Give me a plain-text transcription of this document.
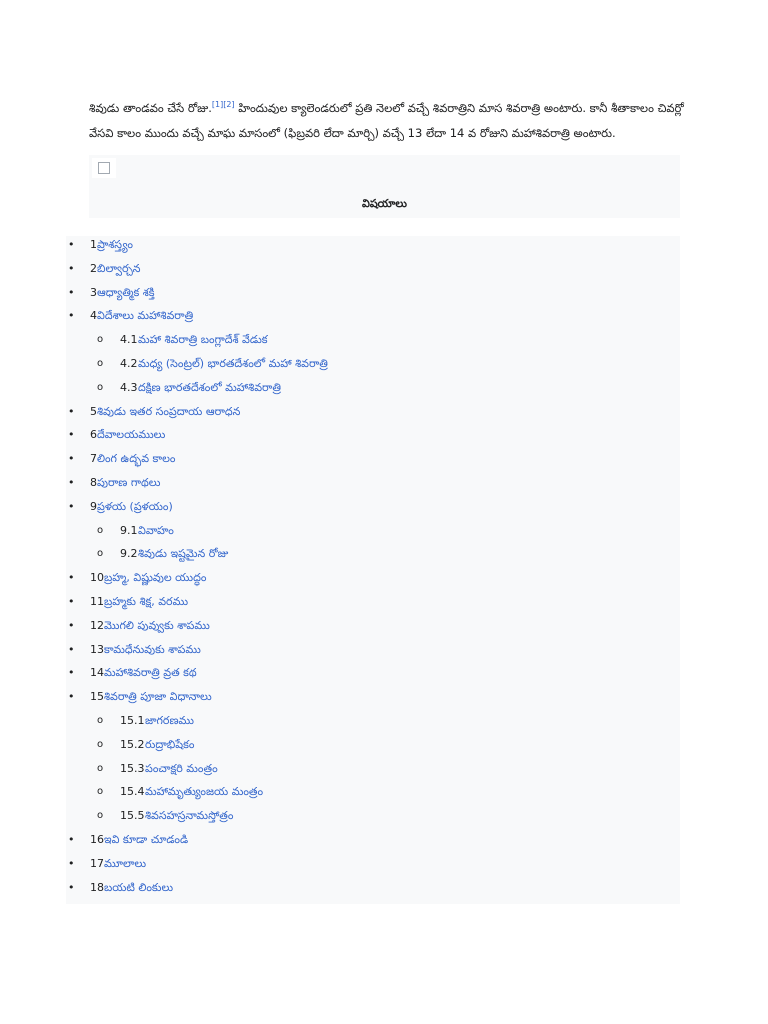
శివుడు తాండవం చేసే రోజు.[1][2] హిందువుల క్యాలెండరులో ప్రతి నెలలో వచ్చే శివరాత్రిని మాస శివరాత్రి అంటారు. కానీ శీతాకాలం చివర్లో వేసవి కాలం ముందు వచ్చే మాఘ మాసంలో (ఫిబ్రవరి లేదా మార్చి) వచ్చే 13 లేదా 14 వ రోజుని మహాశివరాత్రి అంటారు.
విషయాలు
• 1 ప్రాశస్త్యం
• 2 బిల్వార్చన
• 3 ఆధ్యాత్మిక శక్తి
• 4 విదేశాలు మహాశివరాత్రి
o 4.1 మహా శివరాత్రి బంగ్లాదేశ్ వేడుక
o 4.2 మధ్య (సెంట్రల్) భారతదేశంలో మహా శివరాత్రి
o 4.3 దక్షిణ భారతదేశంలో మహాశివరాత్రి
• 5 శివుడు ఇతర సంప్రదాయ ఆరాధన
• 6 దేవాలయములు
• 7 లింగ ఉద్భవ కాలం
• 8 పురాణ గాథలు
• 9 ప్రళయ (ప్రళయం)
o 9.1 వివాహం
o 9.2 శివుడు ఇష్టమైన రోజు
• 10 బ్రహ్మ, విష్ణువుల యుద్ధం
• 11 బ్రహ్మకు శిక్ష, వరము
• 12 మొగలి పువ్వుకు శాపము
• 13 కామధేనువుకు శాపము
• 14 మహాశివరాత్రి వ్రత కథ
• 15 శివరాత్రి పూజా విధానాలు
o 15.1 జాగరణము
o 15.2 రుద్రాభిషేకం
o 15.3 పంచాక్షరి మంత్రం
o 15.4 మహామృత్యుంజయ మంత్రం
o 15.5 శివసహస్రనామస్తోత్రం
• 16 ఇవి కూడా చూడండి
• 17 మూలాలు
• 18 బయటి లింకులు
